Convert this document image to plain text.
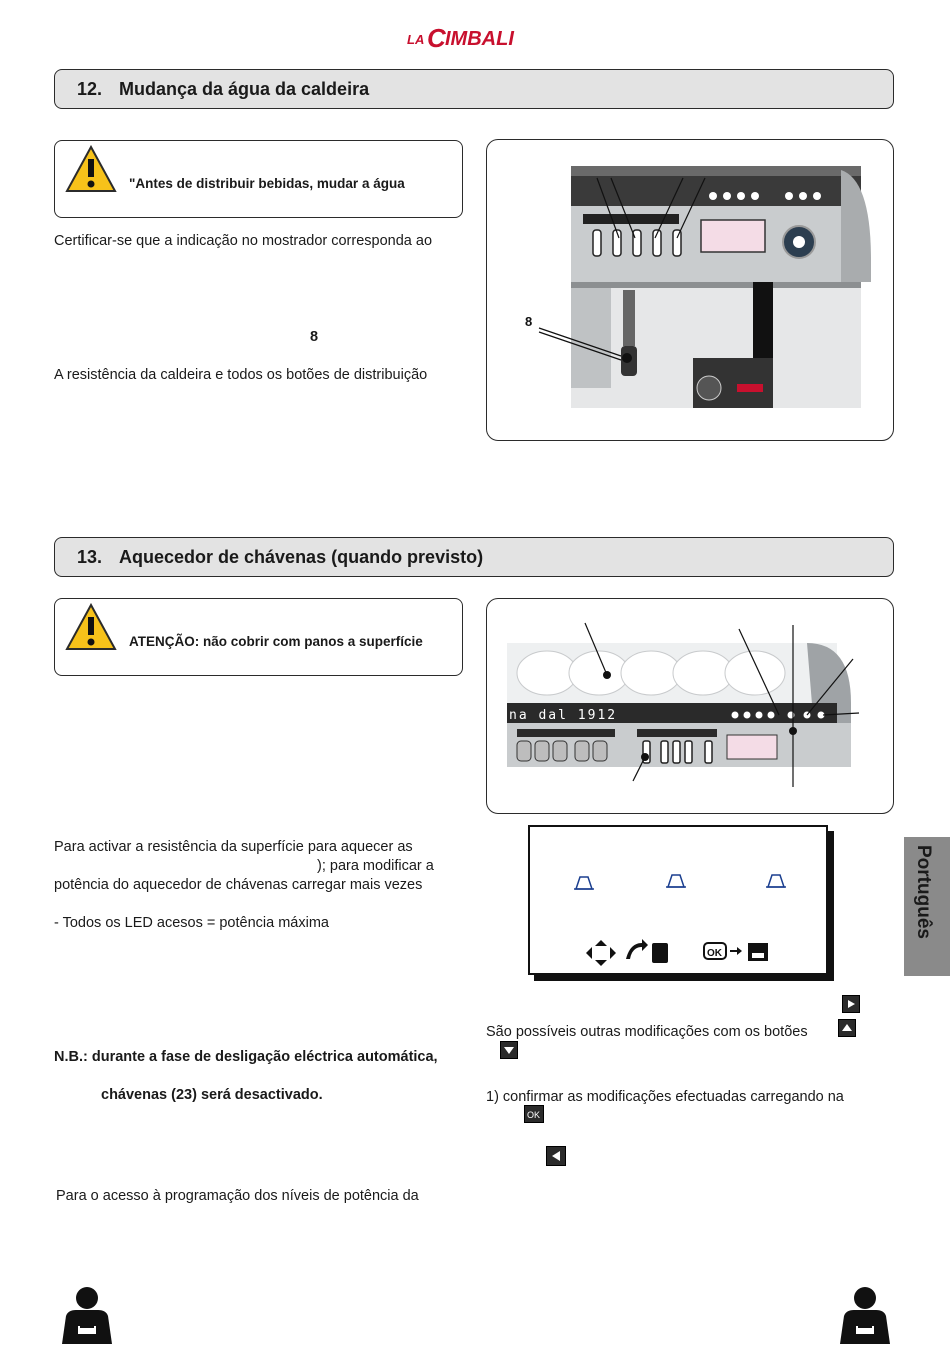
LA C IMBALI
12. Mudança da água da caldeira
"Antes de distribuir bebidas, mudar a água
Certificar-se que a indicação no mostrador corresponda ao
8
A resistência da caldeira e todos os botões de distribuição
8
13. Aquecedor de chávenas (quando previsto)
ATENÇÃO: não cobrir com panos a superfície
na dal 1912
Para activar a resistência da superfície para aquecer as
); para modificar a
potência do aquecedor de chávenas carregar mais vezes
- Todos os LED acesos = potência máxima
N.B.: durante a fase de desligação eléctrica automática,
chávenas (23) será desactivado.
Para o acesso à programação dos níveis de potência da
OK
OK
São possíveis outras modificações com os botões
1) confirmar as modificações efectuadas carregando na
Português
